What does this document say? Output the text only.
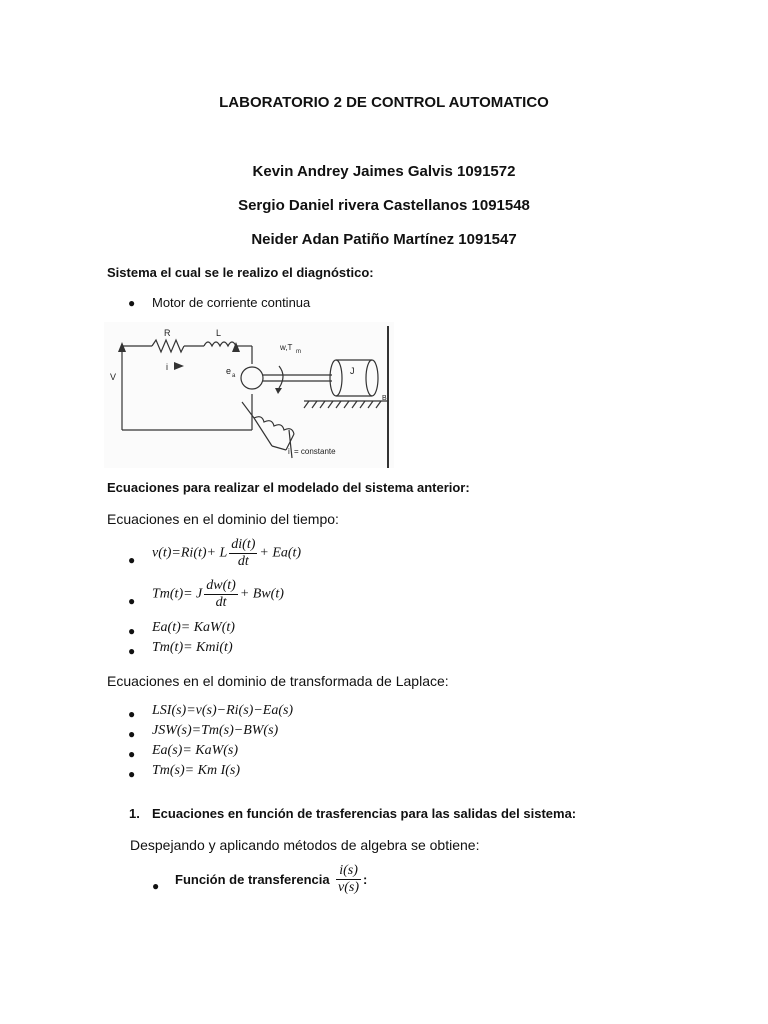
LABORATORIO 2 DE CONTROL AUTOMATICO
Kevin Andrey Jaimes Galvis 1091572
Sergio Daniel rivera Castellanos 1091548
Neider Adan Patiño Martínez 1091547
Sistema el cual se le realizo el diagnóstico:
● Motor de corriente continua
R	L
i
V
e a
w,T m
J
B
i = constante
Ecuaciones para realizar el modelado del sistema anterior:
Ecuaciones en el dominio del tiempo:
● v(t)=Ri(t)+ L $\frac{di(t)}{dt} + Ea(t)$
● Tm(t)= J $\frac{dw(t)}{dt} + Bw(t)$
● Ea(t)= KaW(t)
● Tm(t)= Kmi(t)
Ecuaciones en el dominio de transformada de Laplace:
● LSI(s)=v(s)−Ri(s)−Ea(s)
● JSW(s)=Tm(s)−BW(s)
● Ea(s)= KaW(s)
● Tm(s)= Km I(s)
1. Ecuaciones en función de trasferencias para las salidas del sistema:
Despejando y aplicando métodos de algebra se obtiene:
● Función de transferencia $\frac{i(s)}{v(s)}$ :
